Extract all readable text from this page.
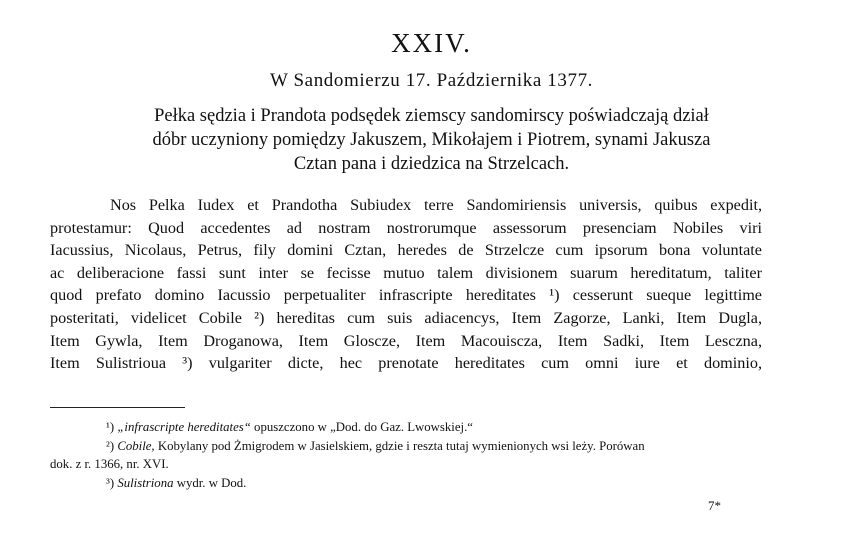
XXIV.
W Sandomierzu 17. Października 1377.
Pełka sędzia i Prandota podsędek ziemscy sandomirscy poświadczają dział
dóbr uczyniony pomiędzy Jakuszem, Mikołajem i Piotrem, synami Jakusza
Cztan pana i dziedzica na Strzelcach.
Nos Pelka Iudex et Prandotha Subiudex terre Sandomiriensis universis, quibus expedit,
protestamur: Quod accedentes ad nostram nostrorumque assessorum presenciam Nobiles viri
Iacussius, Nicolaus, Petrus, fily domini Cztan, heredes de Strzelcze cum ipsorum bona voluntate
ac deliberacione fassi sunt inter se fecisse mutuo talem divisionem suarum hereditatum, taliter
quod prefato domino Iacussio perpetualiter infrascripte hereditates ¹) cesserunt sueque legittime
posteritati, videlicet Cobile ²) hereditas cum suis adiacencys, Item Zagorze, Lanki, Item Dugla,
Item Gywla, Item Droganowa, Item Gloscze, Item Macouiscza, Item Sadki, Item Lesczna,
Item Sulistrioua ³) vulgariter dicte, hec prenotate hereditates cum omni iure et dominio,
¹) „infrascripte hereditates“ opuszczono w „Dod. do Gaz. Lwowskiej.“
²) Cobile, Kobylany pod Żmigrodem w Jasielskiem, gdzie i reszta tutaj wymienionych wsi leży. Porówan
dok. z r. 1366, nr. XVI.
³) Sulistriona wydr. w Dod.
7*
